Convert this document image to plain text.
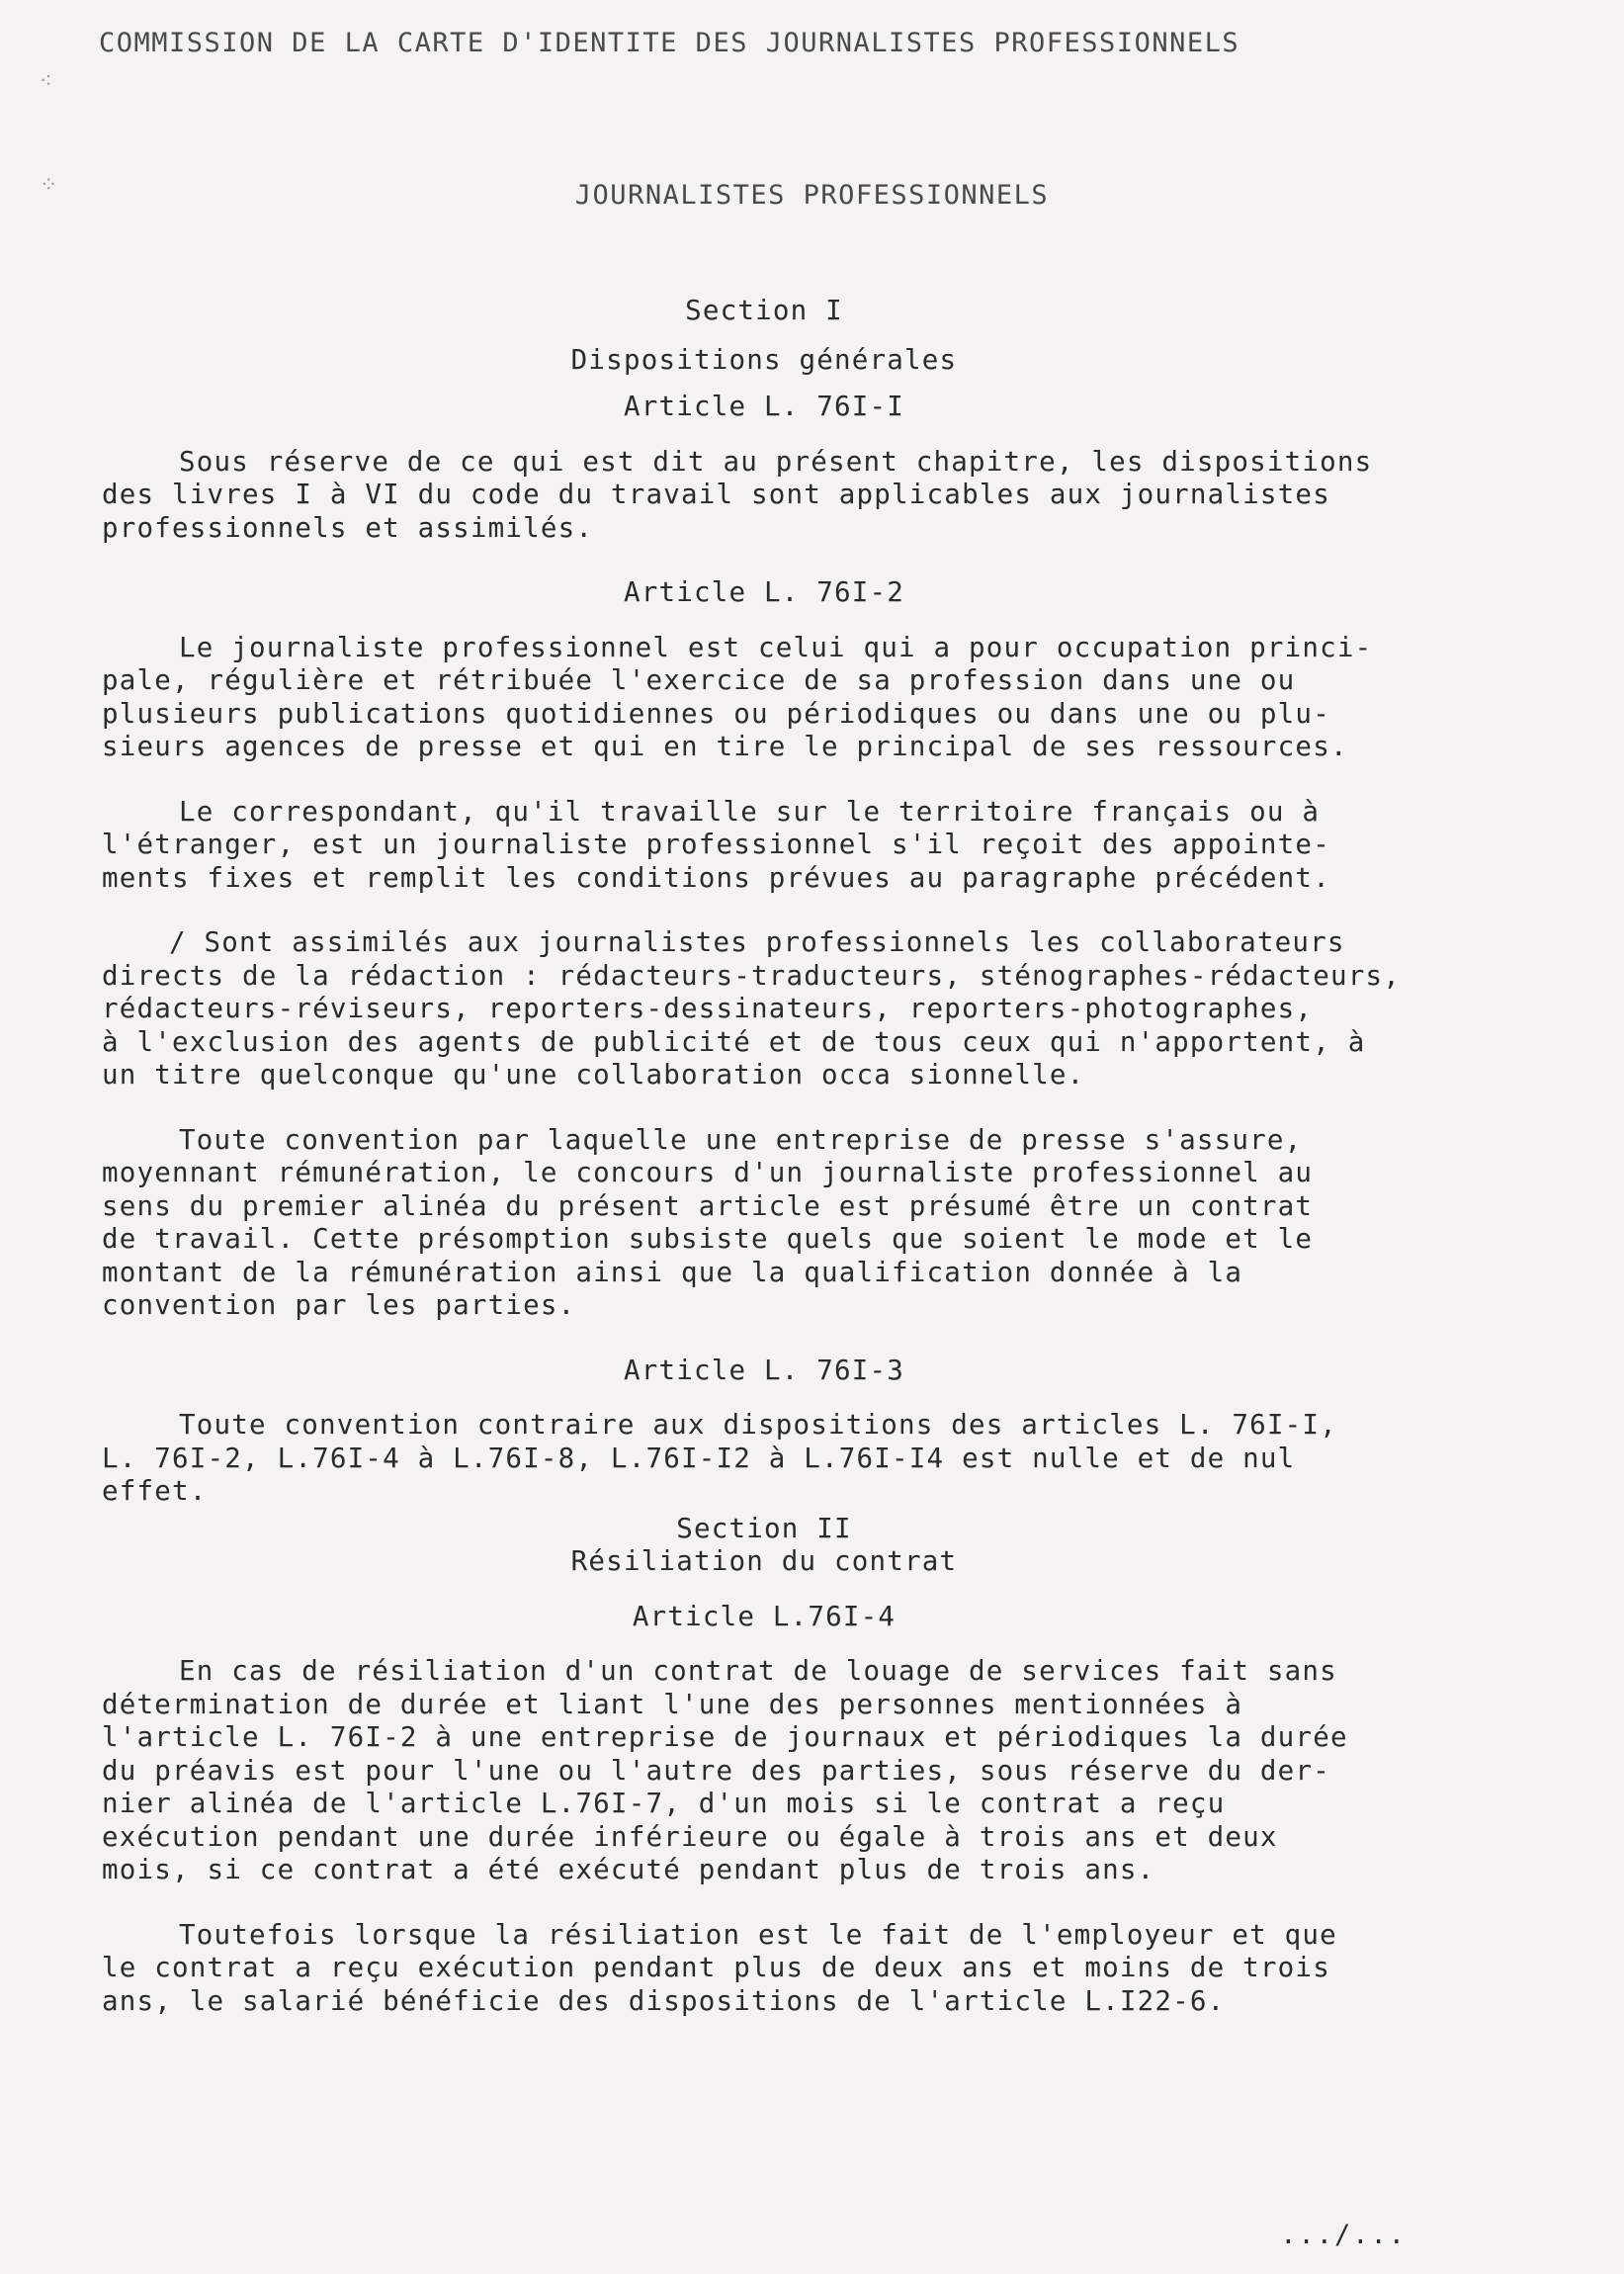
⁖
⁘
COMMISSION DE LA CARTE D'IDENTITE DES JOURNALISTES PROFESSIONNELS
JOURNALISTES PROFESSIONNELS
Section I
Dispositions générales
Article L. 76I-I

Sous réserve de ce qui est dit au présent chapitre, les dispositions
des livres I à VI du code du travail sont applicables aux journalistes
professionnels et assimilés.

Article L. 76I-2

Le journaliste professionnel est celui qui a pour occupation princi-
pale, régulière et rétribuée l'exercice de sa profession dans une ou
plusieurs publications quotidiennes ou périodiques ou dans une ou plu-
sieurs agences de presse et qui en tire le principal de ses ressources.

Le correspondant, qu'il travaille sur le territoire français ou à
l'étranger, est un journaliste professionnel s'il reçoit des appointe-
ments fixes et remplit les conditions prévues au paragraphe précédent.

/ Sont assimilés aux journalistes professionnels les collaborateurs
directs de la rédaction : rédacteurs-traducteurs, sténographes-rédacteurs,
rédacteurs-réviseurs, reporters-dessinateurs, reporters-photographes,
à l'exclusion des agents de publicité et de tous ceux qui n'apportent, à
un titre quelconque qu'une collaboration occa sionnelle.

Toute convention par laquelle une entreprise de presse s'assure,
moyennant rémunération, le concours d'un journaliste professionnel au
sens du premier alinéa du présent article est présumé être un contrat
de travail. Cette présomption subsiste quels que soient le mode et le
montant de la rémunération ainsi que la qualification donnée à la
convention par les parties.

Article L. 76I-3

Toute convention contraire aux dispositions des articles L. 76I-I,
L. 76I-2, L.76I-4 à L.76I-8, L.76I-I2 à L.76I-I4 est nulle et de nul
effet.

Section II
Résiliation du contrat
Article L.76I-4

En cas de résiliation d'un contrat de louage de services fait sans
détermination de durée et liant l'une des personnes mentionnées à
l'article L. 76I-2 à une entreprise de journaux et périodiques la durée
du préavis est pour l'une ou l'autre des parties, sous réserve du der-
nier alinéa de l'article L.76I-7, d'un mois si le contrat a reçu
exécution pendant une durée inférieure ou égale à trois ans et deux
mois, si ce contrat a été exécuté pendant plus de trois ans.

Toutefois lorsque la résiliation est le fait de l'employeur et que
le contrat a reçu exécution pendant plus de deux ans et moins de trois
ans, le salarié bénéficie des dispositions de l'article L.I22-6.

.../...
